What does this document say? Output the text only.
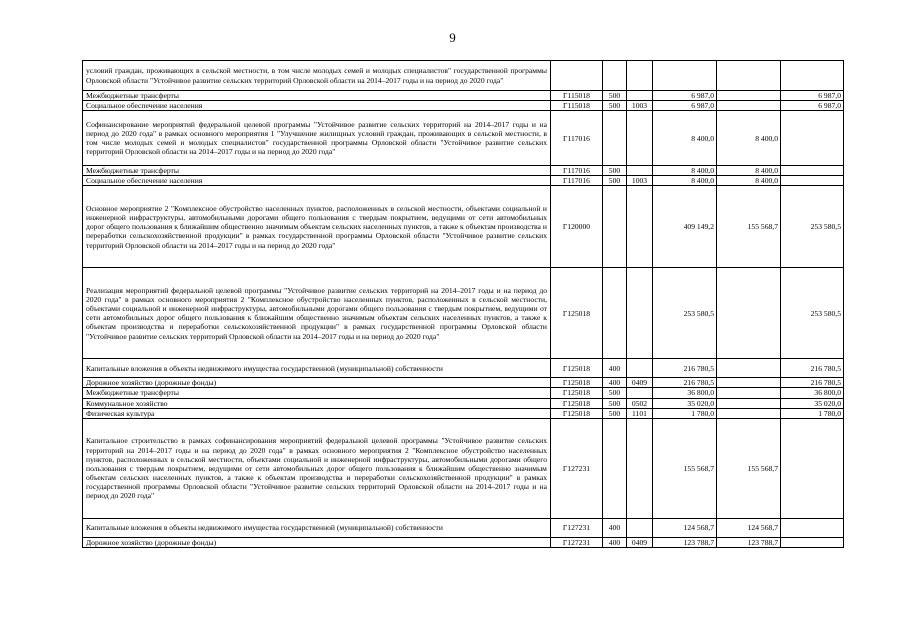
9
условий граждан, проживающих в сельской местности, в том числе молодых семей и молодых специалистов" государственной программы Орловской области "Устойчивое развитие сельских территорий Орловской области на 2014–2017 годы и на период до 2020 года"						
Межбюджетные трансферты	Г115018	500		6 987,0		6 987,0
Социальное обеспечение населения	Г115018	500	1003	6 987,0		6 987,0
Софинансирование мероприятий федеральной целевой программы "Устойчивое развитие сельских территорий на 2014–2017 годы и на период до 2020 года" в рамках основного мероприятия 1 "Улучшение жилищных условий граждан, проживающих в сельской местности, в том числе молодых семей и молодых специалистов" государственной программы Орловской области "Устойчивое развитие сельских территорий Орловской области на 2014–2017 годы и на период до 2020 года"	Г117016			8 400,0	8 400,0	
Межбюджетные трансферты	Г117016	500		8 400,0	8 400,0	
Социальное обеспечение населения	Г117016	500	1003	8 400,0	8 400,0	
Основное мероприятие 2 "Комплексное обустройство населенных пунктов, расположенных в сельской местности, объектами социальной и инженерной инфраструктуры, автомобильными дорогами общего пользования с твердым покрытием, ведущими от сети автомобильных дорог общего пользования к ближайшим общественно значимым объектам сельских населенных пунктов, а также к объектам производства и переработки сельскохозяйственной продукции" в рамках государственной программы Орловской области "Устойчивое развитие сельских территорий Орловской области на 2014–2017 годы и на период до 2020 года"	Г120000			409 149,2	155 568,7	253 580,5
Реализация мероприятий федеральной целевой программы "Устойчивое развитие сельских территорий на 2014–2017 годы и на период до 2020 года" в рамках основного мероприятия 2 "Комплексное обустройство населенных пунктов, расположенных в сельской местности, объектами социальной и инженерной инфраструктуры, автомобильными дорогами общего пользования с твердым покрытием, ведущими от сети автомобильных дорог общего пользования к ближайшим общественно значимым объектам сельских населенных пунктов, а также к объектам производства и переработки сельскохозяйственной продукции" в рамках государственной программы Орловской области "Устойчивое развитие сельских территорий Орловской области на 2014–2017 годы и на период до 2020 года"	Г125018			253 580,5		253 580,5
Капитальные вложения в объекты недвижимого имущества государственной (муниципальной) собственности	Г125018	400		216 780,5		216 780,5
Дорожное хозяйство (дорожные фонды)	Г125018	400	0409	216 780,5		216 780,5
Межбюджетные трансферты	Г125018	500		36 800,0		36 800,0
Коммунальное хозяйство	Г125018	500	0502	35 020,0		35 020,0
Физическая культура	Г125018	500	1101	1 780,0		1 780,0
Капитальное строительство в рамках софинансирования мероприятий федеральной целевой программы "Устойчивое развитие сельских территорий на 2014–2017 годы и на период до 2020 года" в рамках основного мероприятия 2 "Комплексное обустройство населенных пунктов, расположенных в сельской местности, объектами социальной и инженерной инфраструктуры, автомобильными дорогами общего пользования с твердым покрытием, ведущими от сети автомобильных дорог общего пользования к ближайшим общественно значимым объектам сельских населенных пунктов, а также к объектам производства и переработки сельскохозяйственной продукции" в рамках государственной программы Орловской области "Устойчивое развитие сельских территорий Орловской области на 2014–2017 годы и на период до 2020 года"	Г127231			155 568,7	155 568,7	
Капитальные вложения в объекты недвижимого имущества государственной (муниципальной) собственности	Г127231	400		124 568,7	124 568,7	
Дорожное хозяйство (дорожные фонды)	Г127231	400	0409	123 788,7	123 788,7	
